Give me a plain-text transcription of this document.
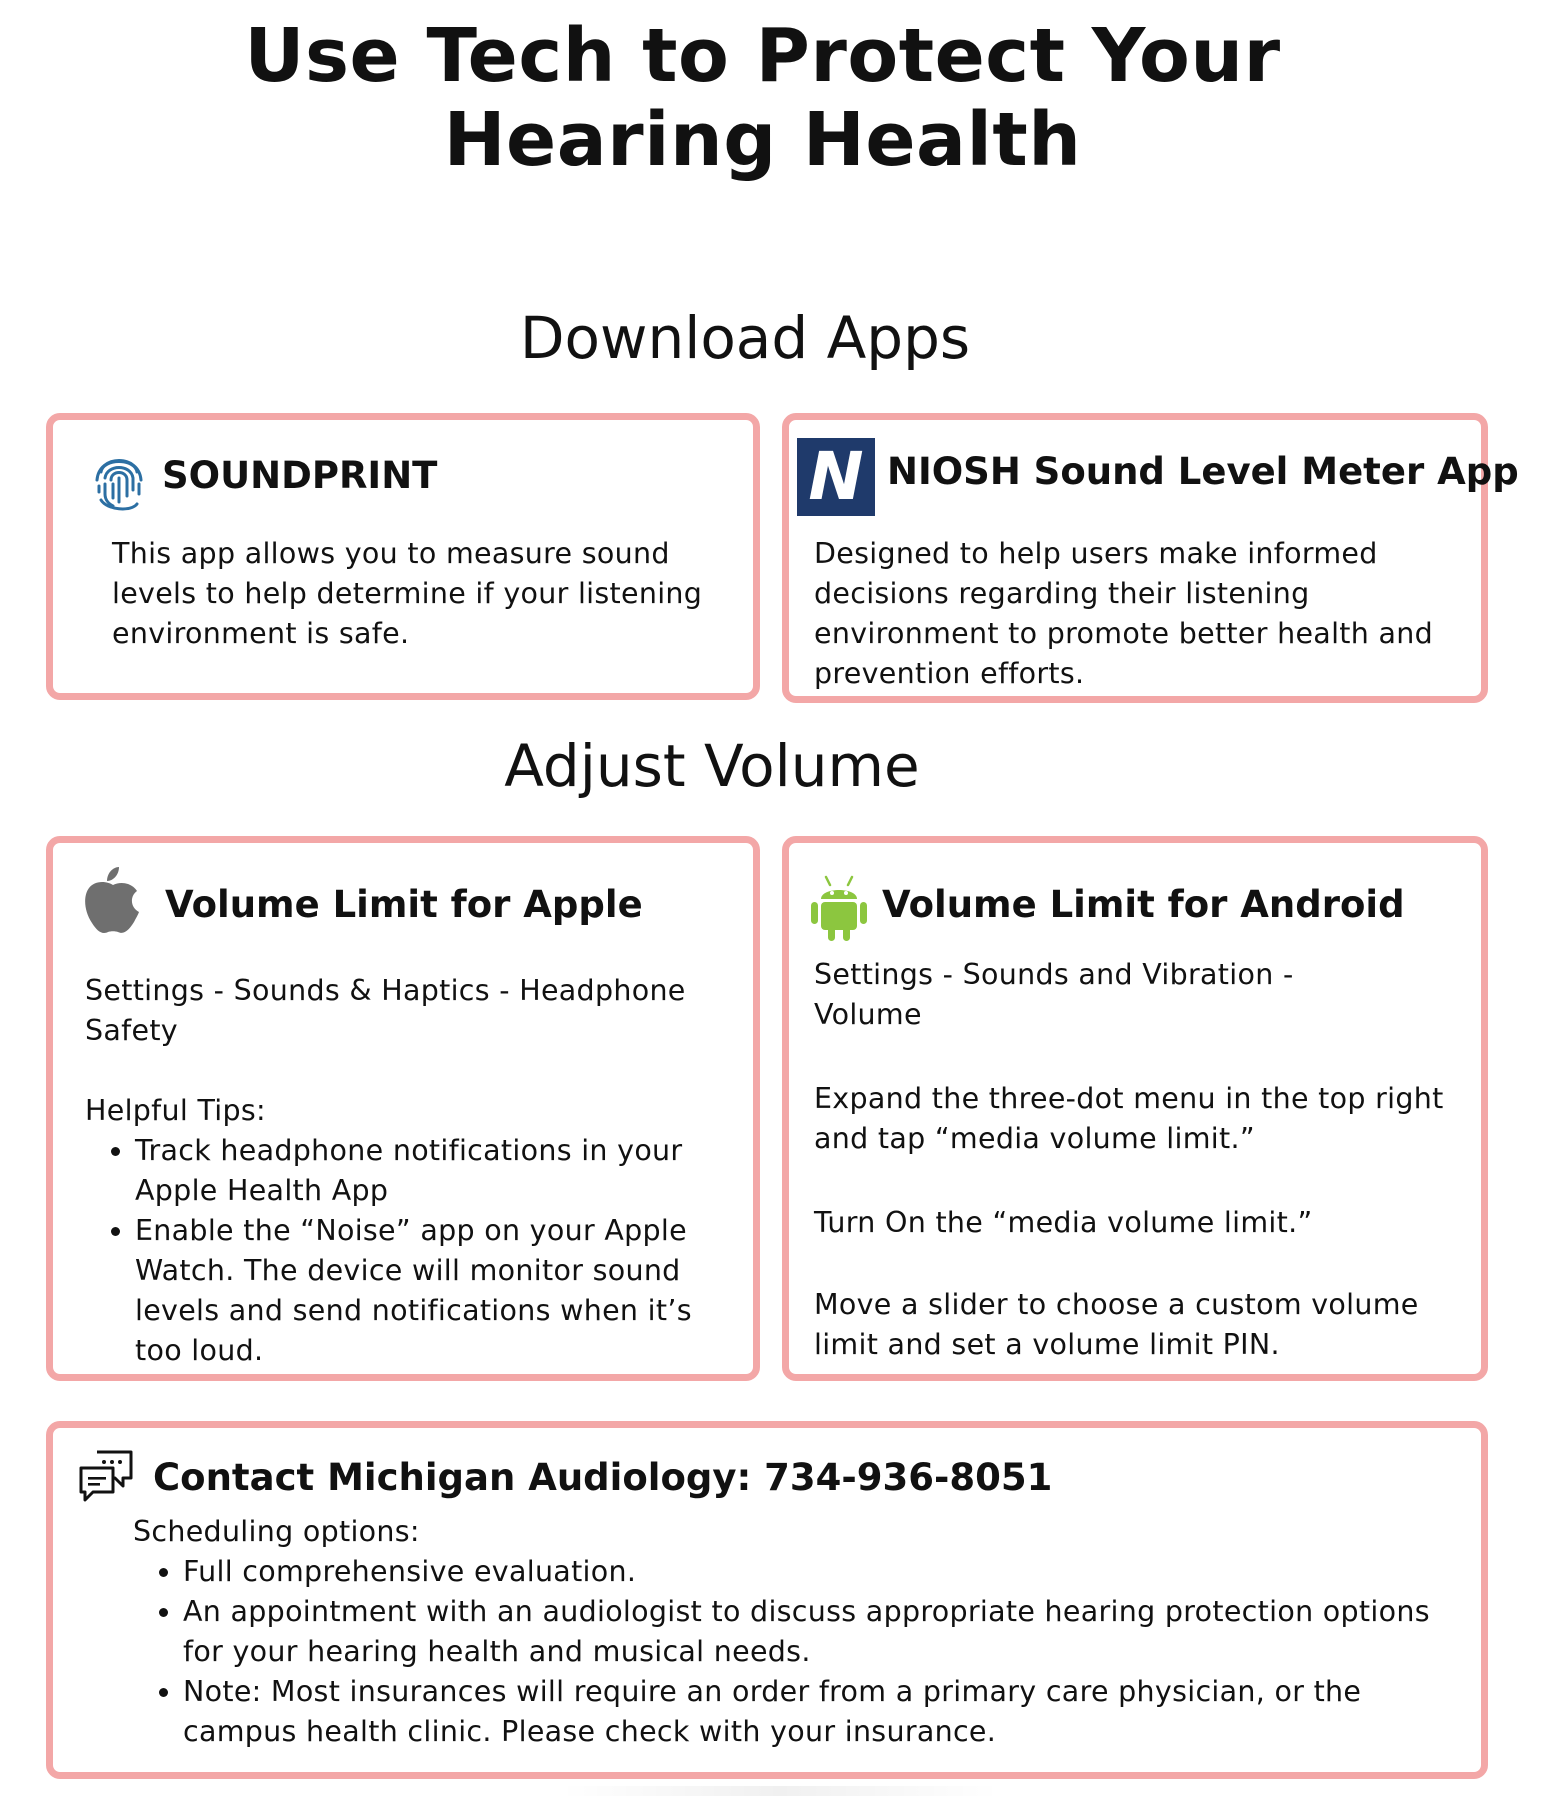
Use Tech to Protect Your
Hearing Health
Download Apps
SOUNDPRINT
This app allows you to measure sound levels to help determine if your listening environment is safe.
N NIOSH Sound Level Meter App
Designed to help users make informed decisions regarding their listening environment to promote better health and prevention efforts.
Adjust Volume
Volume Limit for Apple
Settings - Sounds & Haptics - Headphone Safety

Helpful Tips:

• Track headphone notifications in your Apple Health App
• Enable the “Noise” app on your Apple Watch. The device will monitor sound levels and send notifications when it’s too loud.
Volume Limit for Android
Settings - Sounds and Vibration - Volume
Expand the three-dot menu in the top right and tap “media volume limit.”
Turn On the “media volume limit.”
Move a slider to choose a custom volume limit and set a volume limit PIN.
Contact Michigan Audiology: 734-936-8051

Scheduling options:

• Full comprehensive evaluation.
• An appointment with an audiologist to discuss appropriate hearing protection options for your hearing health and musical needs.
• Note: Most insurances will require an order from a primary care physician, or the campus health clinic. Please check with your insurance.
